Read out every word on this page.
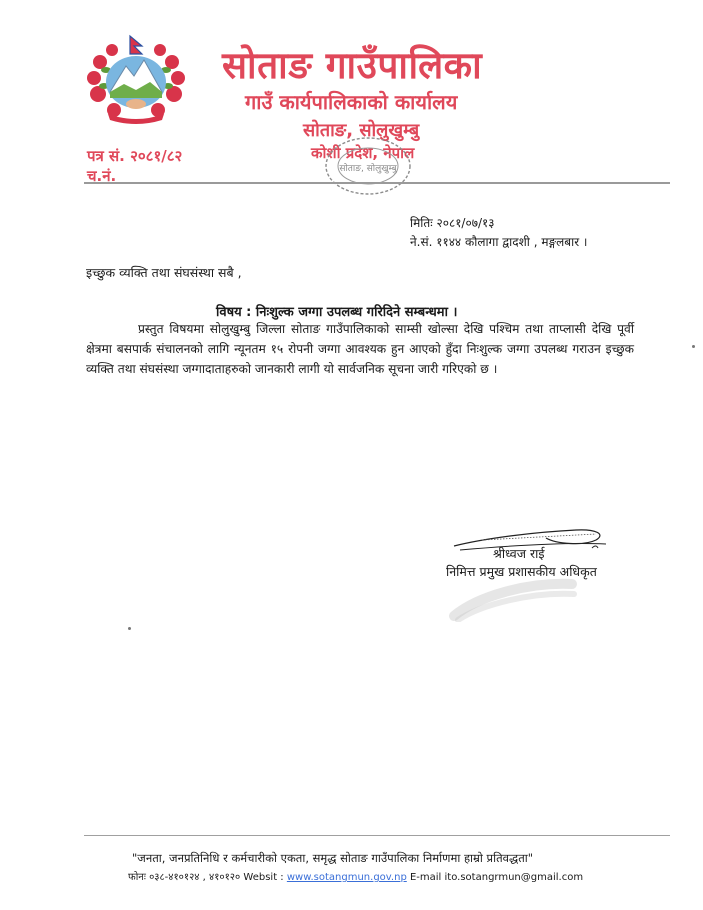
सोताङ गाउँपालिका
गाउँ कार्यपालिकाको कार्यालय
सोताङ, सोलुखुम्बु
कोशी प्रदेश, नेपाल
पत्र सं. २०८१/८२
च.नं.	सोताङ, सोलुखुम्बु
मितिः २०८१/०७/१३
ने.सं. ११४४ कौलागा द्वादशी , मङ्गलबार ।
इच्छुक व्यक्ति तथा संघसंस्था सबै ,
विषय : निःशुल्क जग्गा उपलब्ध गरिदिने सम्बन्धमा ।
प्रस्तुत विषयमा सोलुखुम्बु जिल्ला सोताङ गाउँपालिकाको साम्सी खोल्सा देखि पश्चिम तथा ताप्लासी देखि पूर्वी क्षेत्रमा बसपार्क संचालनको लागि न्यूनतम १५ रोपनी जग्गा आवश्यक हुन आएको हुँदा निःशुल्क जग्गा उपलब्ध गराउन इच्छुक व्यक्ति तथा संघसंस्था जग्गादाताहरुको जानकारी लागी यो सार्वजनिक सूचना जारी गरिएको छ ।
श्रीध्वज राई
निमित्त प्रमुख प्रशासकीय अधिकृत
"जनता, जनप्रतिनिधि र कर्मचारीको एकता, समृद्ध सोताङ गाउँपालिका निर्माणमा हाम्रो प्रतिवद्धता"
फोनः ०३८-४१०१२४ , ४१०१२० Websit : www.sotangmun.gov.np E-mail ito.sotangrmun@gmail.com
